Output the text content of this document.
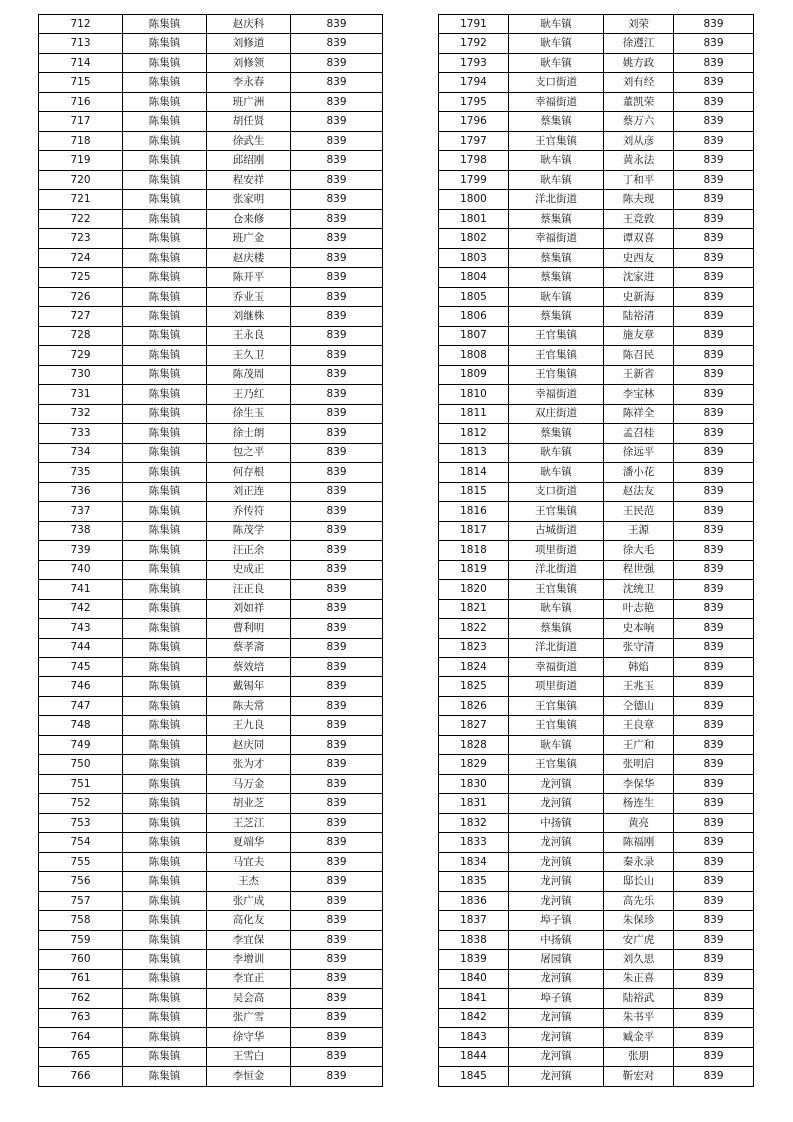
712	陈集镇	赵庆科	839
713	陈集镇	刘修道	839
714	陈集镇	刘修领	839
715	陈集镇	李永春	839
716	陈集镇	班广洲	839
717	陈集镇	胡任贤	839
718	陈集镇	徐武生	839
719	陈集镇	邱绍刚	839
720	陈集镇	程安祥	839
721	陈集镇	张家明	839
722	陈集镇	仓来修	839
723	陈集镇	班广金	839
724	陈集镇	赵庆楼	839
725	陈集镇	陈开平	839
726	陈集镇	乔业玉	839
727	陈集镇	刘继株	839
728	陈集镇	王永良	839
729	陈集镇	王久卫	839
730	陈集镇	陈茂周	839
731	陈集镇	王乃红	839
732	陈集镇	徐生玉	839
733	陈集镇	徐士朗	839
734	陈集镇	包之平	839
735	陈集镇	何存根	839
736	陈集镇	刘正连	839
737	陈集镇	乔传符	839
738	陈集镇	陈茂学	839
739	陈集镇	汪正余	839
740	陈集镇	史成正	839
741	陈集镇	汪正良	839
742	陈集镇	刘如祥	839
743	陈集镇	曹利明	839
744	陈集镇	蔡孝斋	839
745	陈集镇	蔡效培	839
746	陈集镇	戴锡年	839
747	陈集镇	陈夫常	839
748	陈集镇	王九良	839
749	陈集镇	赵庆同	839
750	陈集镇	张为才	839
751	陈集镇	马万金	839
752	陈集镇	胡业芝	839
753	陈集镇	王芝江	839
754	陈集镇	夏端华	839
755	陈集镇	马宜夫	839
756	陈集镇	王杰	839
757	陈集镇	张广成	839
758	陈集镇	高化友	839
759	陈集镇	李宜保	839
760	陈集镇	李增训	839
761	陈集镇	李宜正	839
762	陈集镇	吴会高	839
763	陈集镇	张广雪	839
764	陈集镇	徐守华	839
765	陈集镇	王雪白	839
766	陈集镇	李恒金	839
1791	耿车镇	刘荣	839
1792	耿车镇	徐遵江	839
1793	耿车镇	姚方政	839
1794	支口街道	刘有经	839
1795	幸福街道	董凯荣	839
1796	蔡集镇	蔡万六	839
1797	王官集镇	刘从彦	839
1798	耿车镇	黄永法	839
1799	耿车镇	丁和平	839
1800	洋北街道	陈夫现	839
1801	蔡集镇	王竞敦	839
1802	幸福街道	谭双喜	839
1803	蔡集镇	史西友	839
1804	蔡集镇	沈家进	839
1805	耿车镇	史新海	839
1806	蔡集镇	陆裕清	839
1807	王官集镇	施友章	839
1808	王官集镇	陈召民	839
1809	王官集镇	王新省	839
1810	幸福街道	李宝林	839
1811	双庄街道	陈祥全	839
1812	蔡集镇	孟召桂	839
1813	耿车镇	徐远平	839
1814	耿车镇	潘小花	839
1815	支口街道	赵法友	839
1816	王官集镇	王民范	839
1817	古城街道	王源	839
1818	项里街道	徐大毛	839
1819	洋北街道	程世强	839
1820	王官集镇	沈统卫	839
1821	耿车镇	叶志艳	839
1822	蔡集镇	史本响	839
1823	洋北街道	张守清	839
1824	幸福街道	韩焰	839
1825	项里街道	王兆玉	839
1826	王官集镇	仝德山	839
1827	王官集镇	王良章	839
1828	耿车镇	王广和	839
1829	王官集镇	张明启	839
1830	龙河镇	李保华	839
1831	龙河镇	杨连生	839
1832	中扬镇	黄亮	839
1833	龙河镇	陈福刚	839
1834	龙河镇	秦永录	839
1835	龙河镇	邸长山	839
1836	龙河镇	高先乐	839
1837	埠子镇	朱保珍	839
1838	中扬镇	安广虎	839
1839	屠园镇	刘久思	839
1840	龙河镇	朱正喜	839
1841	埠子镇	陆裕武	839
1842	龙河镇	朱书平	839
1843	龙河镇	臧金平	839
1844	龙河镇	张朋	839
1845	龙河镇	靳宏对	839
